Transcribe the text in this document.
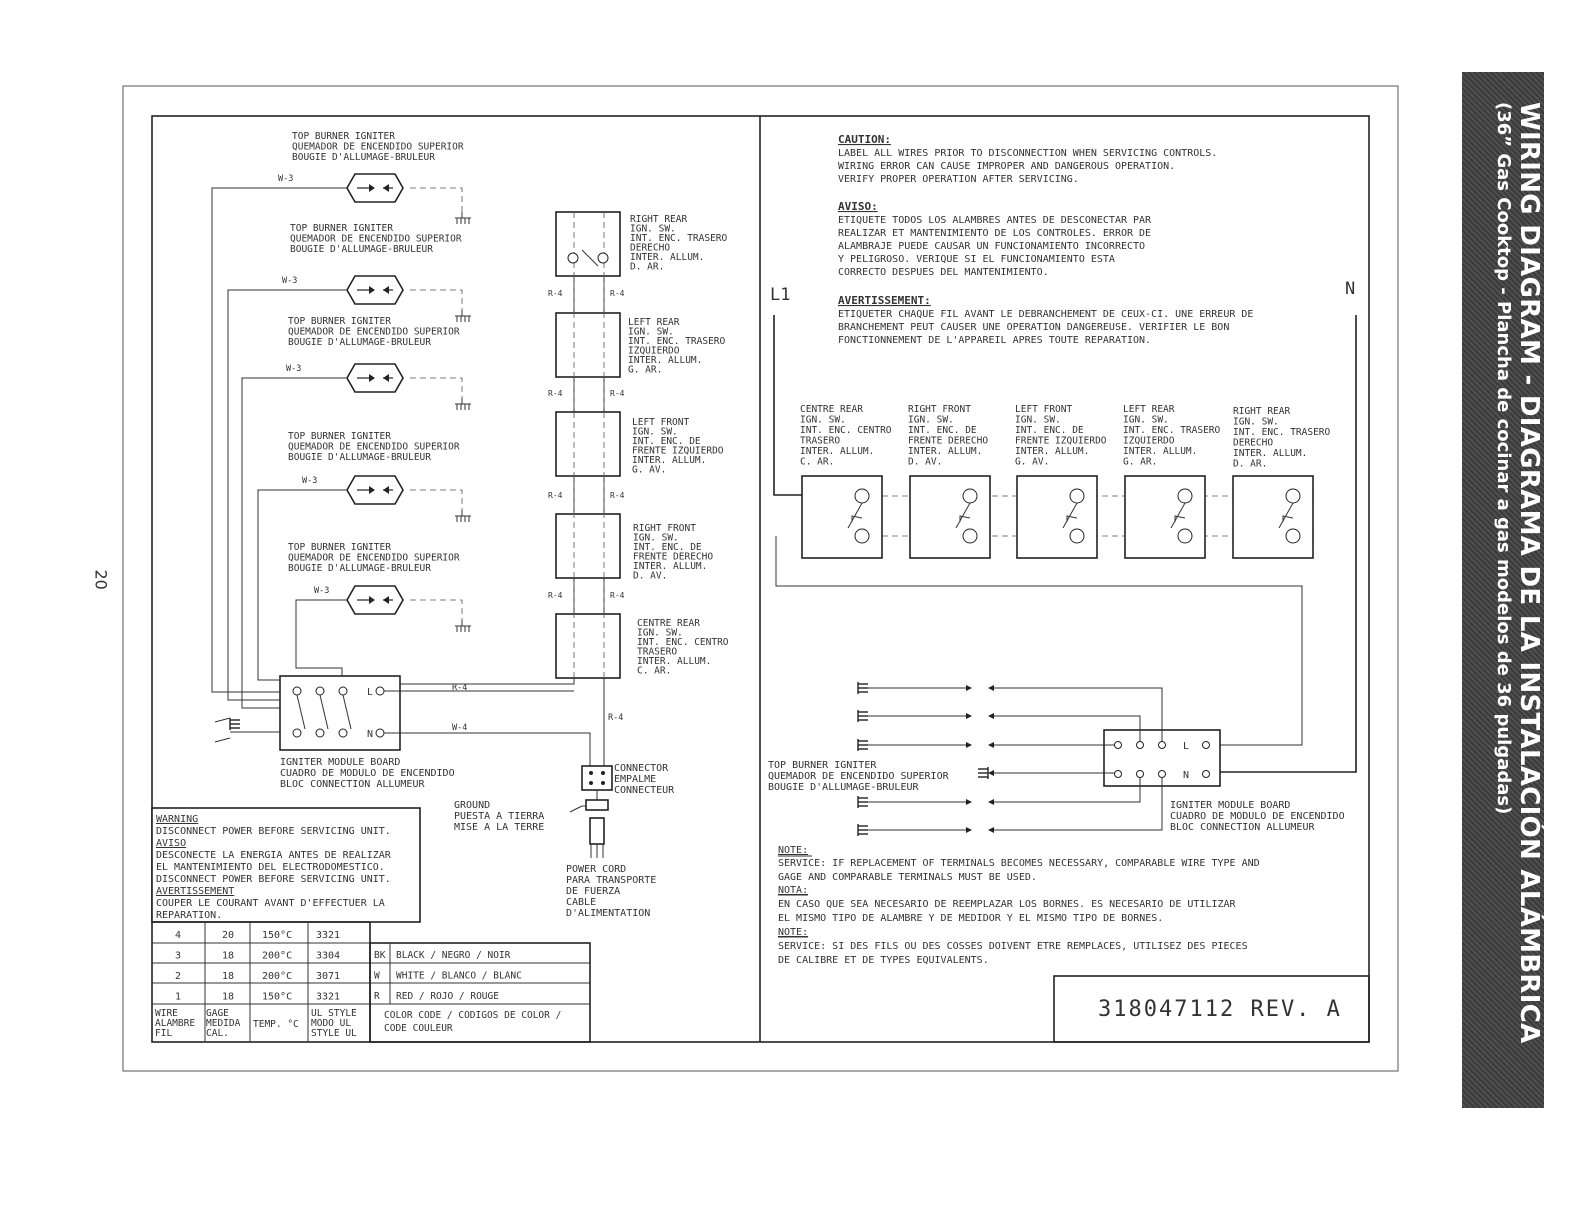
TOP BURNER IGNITER
QUEMADOR DE ENCENDIDO SUPERIOR
BOUGIE D'ALLUMAGE-BRULEUR
W-3
TOP BURNER IGNITER
QUEMADOR DE ENCENDIDO SUPERIOR
BOUGIE D'ALLUMAGE-BRULEUR
W-3
TOP BURNER IGNITER
QUEMADOR DE ENCENDIDO SUPERIOR
BOUGIE D'ALLUMAGE-BRULEUR
W-3
TOP BURNER IGNITER
QUEMADOR DE ENCENDIDO SUPERIOR
BOUGIE D'ALLUMAGE-BRULEUR
W-3
TOP BURNER IGNITER
QUEMADOR DE ENCENDIDO SUPERIOR
BOUGIE D'ALLUMAGE-BRULEUR
W-3
RIGHT REAR
IGN. SW.
INT. ENC. TRASERO
DERECHO
INTER. ALLUM.
D. AR.
LEFT REAR
IGN. SW.
INT. ENC. TRASERO
IZQUIERDO
INTER. ALLUM.
G. AR.
LEFT FRONT
IGN. SW.
INT. ENC. DE
FRENTE IZQUIERDO
INTER. ALLUM.
G. AV.
RIGHT FRONT
IGN. SW.
INT. ENC. DE
FRENTE DERECHO
INTER. ALLUM.
D. AV.
CENTRE REAR
IGN. SW.
INT. ENC. CENTRO
TRASERO
INTER. ALLUM.
C. AR.
R-4	R-4
R-4	R-4
R-4	R-4
R-4	R-4
R-4
R-4
W-4
L
N
IGNITER MODULE BOARD
CUADRO DE MODULO DE ENCENDIDO
BLOC CONNECTION ALLUMEUR
CONNECTOR
EMPALME
CONNECTEUR
GROUND
PUESTA A TIERRA
MISE A LA TERRE
POWER CORD
PARA TRANSPORTE
DE FUERZA
CABLE
D'ALIMENTATION
WARNING
DISCONNECT POWER BEFORE SERVICING UNIT.
AVISO
DESCONECTE LA ENERGIA ANTES DE REALIZAR
EL MANTENIMIENTO DEL ELECTRODOMESTICO.
DISCONNECT POWER BEFORE SERVICING UNIT.
AVERTISSEMENT
COUPER LE COURANT AVANT D'EFFECTUER LA
REPARATION.
4	20	150°C 3321
3	18	200°C 3304
2	18	200°C 3071
1	18	150°C 3321
WIRE
ALAMBRE
FIL
GAGE
MEDIDA
CAL.
TEMP. °C
UL STYLE
MODO UL
STYLE UL
BK BLACK / NEGRO / NOIR
W WHITE / BLANCO / BLANC
R RED / ROJO / ROUGE
COLOR CODE / CODIGOS DE COLOR /
CODE COULEUR
CAUTION:
LABEL ALL WIRES PRIOR TO DISCONNECTION WHEN SERVICING CONTROLS.
WIRING ERROR CAN CAUSE IMPROPER AND DANGEROUS OPERATION.
VERIFY PROPER OPERATION AFTER SERVICING.
AVISO:
ETIQUETE TODOS LOS ALAMBRES ANTES DE DESCONECTAR PAR
REALIZAR ET MANTENIMIENTO DE LOS CONTROLES. ERROR DE
ALAMBRAJE PUEDE CAUSAR UN FUNCIONAMIENTO INCORRECTO
Y PELIGROSO. VERIQUE SI EL FUNCIONAMIENTO ESTA
CORRECTO DESPUES DEL MANTENIMIENTO.
AVERTISSEMENT:
ETIQUETER CHAQUE FIL AVANT LE DEBRANCHEMENT DE CEUX-CI. UNE ERREUR DE
BRANCHEMENT PEUT CAUSER UNE OPERATION DANGEREUSE. VERIFIER LE BON
FONCTIONNEMENT DE L'APPAREIL APRES TOUTE REPARATION.
L1	N
CENTRE REAR
IGN. SW.
INT. ENC. CENTRO
TRASERO
INTER. ALLUM.
C. AR.
RIGHT FRONT
IGN. SW.
INT. ENC. DE
FRENTE DERECHO
INTER. ALLUM.
D. AV.
LEFT FRONT
IGN. SW.
INT. ENC. DE
FRENTE IZQUIERDO
INTER. ALLUM.
G. AV.
LEFT REAR
IGN. SW.
INT. ENC. TRASERO
IZQUIERDO
INTER. ALLUM.
G. AR.
RIGHT REAR
IGN. SW.
INT. ENC. TRASERO
DERECHO
INTER. ALLUM.
D. AR.
L
N
TOP BURNER IGNITER
QUEMADOR DE ENCENDIDO SUPERIOR
BOUGIE D'ALLUMAGE-BRULEUR
IGNITER MODULE BOARD
CUADRO DE MODULO DE ENCENDIDO
BLOC CONNECTION ALLUMEUR
NOTE:
SERVICE: IF REPLACEMENT OF TERMINALS BECOMES NECESSARY, COMPARABLE WIRE TYPE AND
GAGE AND COMPARABLE TERMINALS MUST BE USED.
NOTA:
EN CASO QUE SEA NECESARIO DE REEMPLAZAR LOS BORNES. ES NECESARIO DE UTILIZAR
EL MISMO TIPO DE ALAMBRE Y DE MEDIDOR Y EL MISMO TIPO DE BORNES.
NOTE:
SERVICE: SI DES FILS OU DES COSSES DOIVENT ETRE REMPLACES, UTILISEZ DES PIECES
DE CALIBRE ET DE TYPES EQUIVALENTS.
318047112 REV. A
20	WIRING DIAGRAM - DIAGRAMA DE LA INSTALACIÓN ALÁMBRICA
(36” Gas Cooktop - Plancha de cocinar a gas modelos de 36 pulgadas)
